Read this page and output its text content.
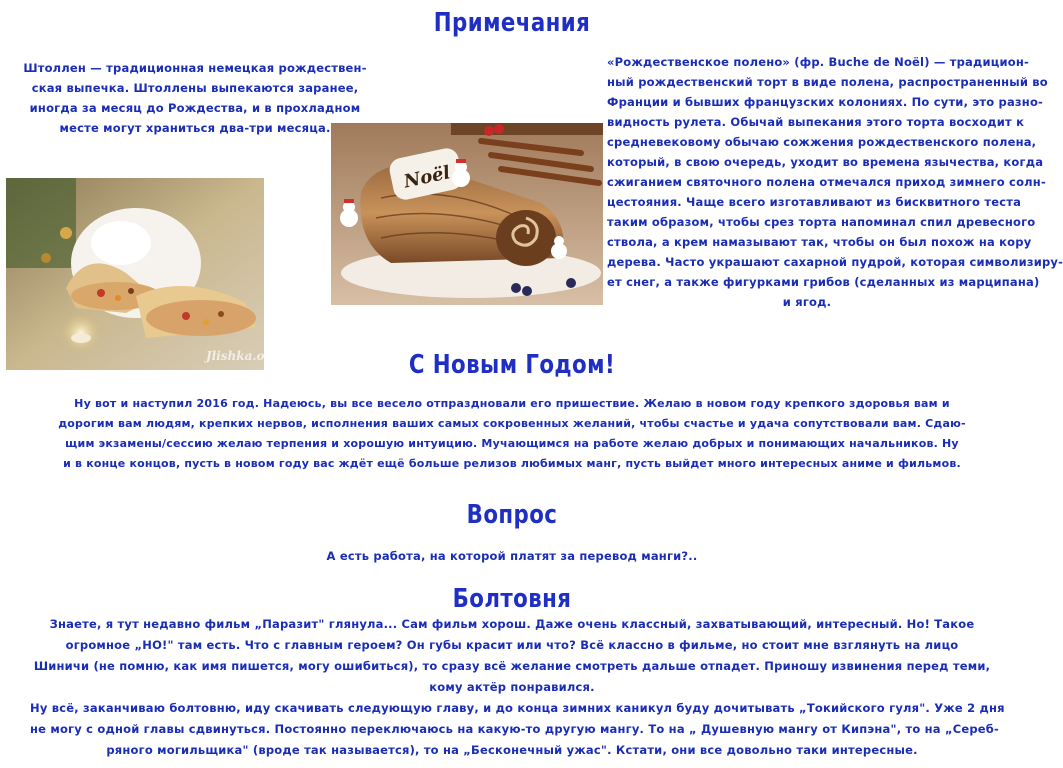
Примечания
Штоллен — традиционная немецкая рождествен-
ская выпечка. Штоллены выпекаются заранее,
иногда за месяц до Рождества, и в прохладном
месте могут храниться два-три месяца.
Jlishka.org
Noël
«Рождественское полено» (фр. Buche de Noël) — традицион-
ный рождественский торт в виде полена, распространенный во
Франции и бывших французских колониях. По сути, это разно-
видность рулета. Обычай выпекания этого торта восходит к
средневековому обычаю сожжения рождественского полена,
который, в свою очередь, уходит во времена язычества, когда
сжиганием святочного полена отмечался приход зимнего солн-
цестояния. Чаще всего изготавливают из бисквитного теста
таким образом, чтобы срез торта напоминал спил древесного
ствола, а крем намазывают так, чтобы он был похож на кору
дерева. Часто украшают сахарной пудрой, которая символизиру-
ет снег, а также фигурками грибов (сделанных из марципана)
и ягод.
С Новым Годом!
Ну вот и наступил 2016 год. Надеюсь, вы все весело отпраздновали его пришествие. Желаю в новом году крепкого здоровья вам и
дорогим вам людям, крепких нервов, исполнения ваших самых сокровенных желаний, чтобы счастье и удача сопутствовали вам. Сдаю-
щим экзамены/сессию желаю терпения и хорошую интуицию. Мучающимся на работе желаю добрых и понимающих начальников. Ну
и в конце концов, пусть в новом году вас ждёт ещё больше релизов любимых манг, пусть выйдет много интересных аниме и фильмов.
Вопрос
А есть работа, на которой платят за перевод манги?..
Болтовня
Знаете, я тут недавно фильм „Паразит" глянула... Сам фильм хорош. Даже очень классный, захватывающий, интересный. Но! Такое
огромное „НО!" там есть. Что с главным героем? Он губы красит или что? Всё классно в фильме, но стоит мне взглянуть на лицо
Шиничи (не помню, как имя пишется, могу ошибиться), то сразу всё желание смотреть дальше отпадет. Приношу извинения перед теми,
кому актёр понравился.
Ну всё, заканчиваю болтовню, иду скачивать следующую главу, и до конца зимних каникул буду дочитывать „Токийского гуля". Уже 2 дня
не могу с одной главы сдвинуться. Постоянно переключаюсь на какую-то другую мангу. То на „ Душевную мангу от Кипэна", то на „Сереб-
ряного могильщика" (вроде так называется), то на „Бесконечный ужас". Кстати, они все довольно таки интересные.
